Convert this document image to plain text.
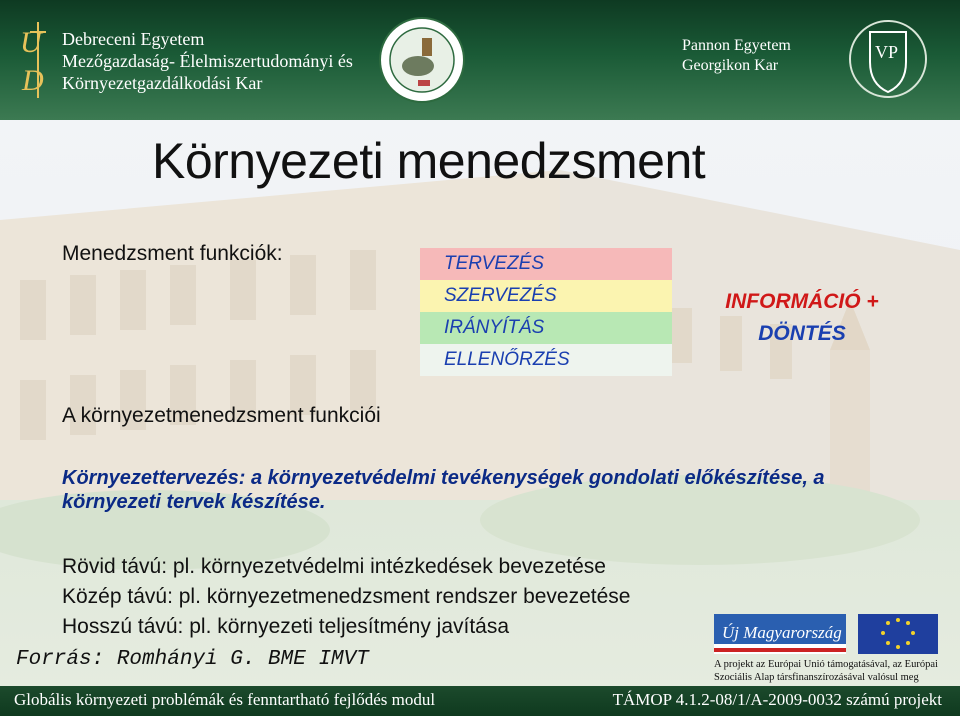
U
D
Debreceni Egyetem
Mezőgazdaság- Élelmiszertudományi és
Környezetgazdálkodási Kar
Pannon Egyetem
Georgikon Kar
VP
Környezeti menedzsment
Menedzsment funkciók:
A környezetmenedzsment funkciói
TERVEZÉS
SZERVEZÉS
IRÁNYÍTÁS
ELLENŐRZÉS
INFORMÁCIÓ +
DÖNTÉS
Környezettervezés: a környezetvédelmi tevékenységek gondolati előkészítése, a környezeti tervek készítése.
Rövid távú: pl. környezetvédelmi intézkedések bevezetése
Közép távú: pl. környezetmenedzsment rendszer bevezetése
Hosszú távú: pl. környezeti teljesítmény javítása
Forrás: Romhányi G. BME IMVT
Új Magyarország
A projekt az Európai Unió támogatásával, az Európai
Szociális Alap társfinanszírozásával valósul meg
Globális környezeti problémák és fenntartható fejlődés modul	TÁMOP 4.1.2-08/1/A-2009-0032 számú projekt
